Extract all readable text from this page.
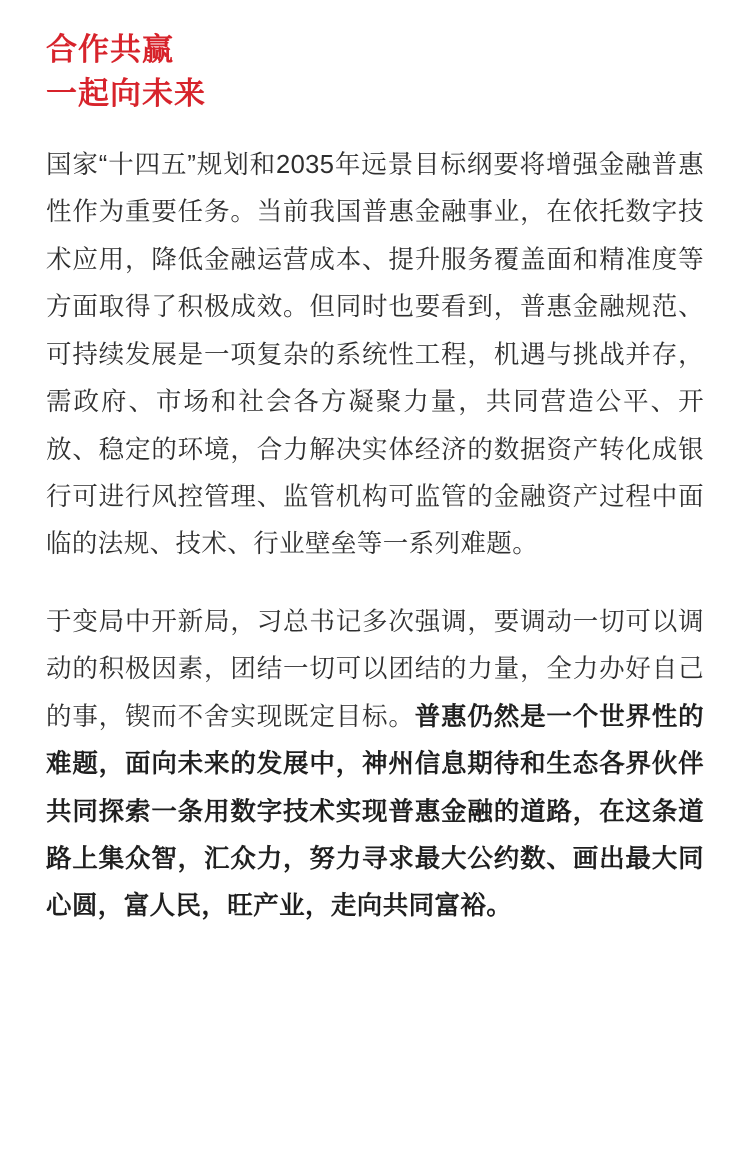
合作共赢
一起向未来

国家“十四五”规划和2035年远景目标纲要将增强金融普惠性作为重要任务。当前我国普惠金融事业，在依托数字技术应用，降低金融运营成本、提升服务覆盖面和精准度等方面取得了积极成效。但同时也要看到，普惠金融规范、可持续发展是一项复杂的系统性工程，机遇与挑战并存，需政府、市场和社会各方凝聚力量，共同营造公平、开放、稳定的环境，合力解决实体经济的数据资产转化成银行可进行风控管理、监管机构可监管的金融资产过程中面临的法规、技术、行业壁垒等一系列难题。

于变局中开新局，习总书记多次强调，要调动一切可以调动的积极因素，团结一切可以团结的力量，全力办好自己的事，锲而不舍实现既定目标。普惠仍然是一个世界性的难题，面向未来的发展中，神州信息期待和生态各界伙伴共同探索一条用数字技术实现普惠金融的道路，在这条道路上集众智，汇众力，努力寻求最大公约数、画出最大同心圆，富人民，旺产业，走向共同富裕。
